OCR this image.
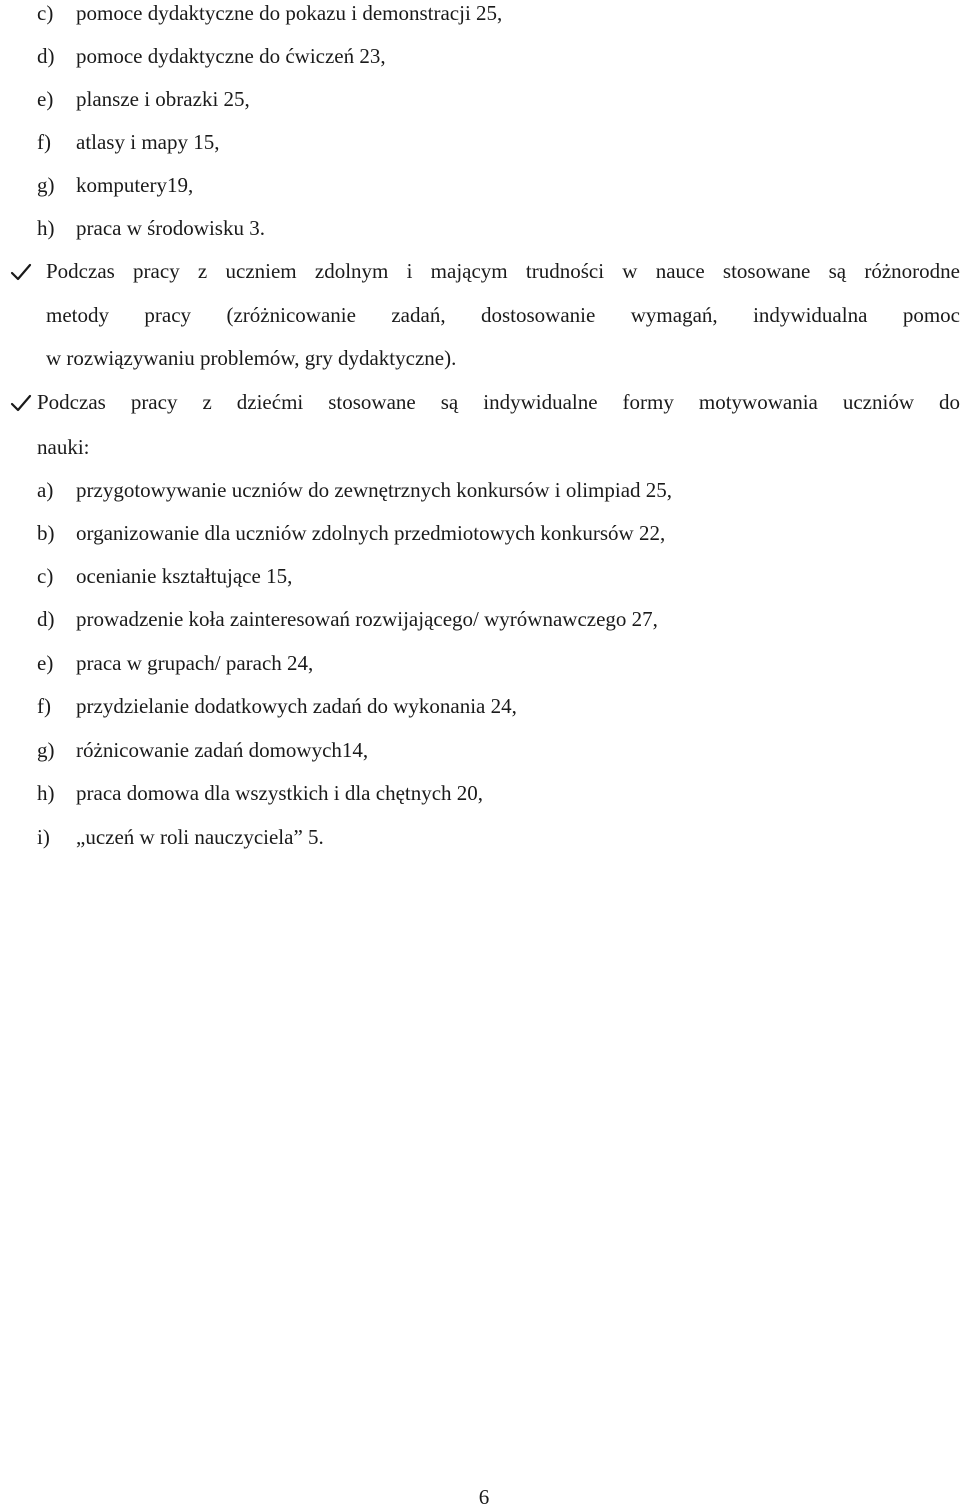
c) pomoce dydaktyczne do pokazu i demonstracji 25,
d) pomoce dydaktyczne do ćwiczeń 23,
e) plansze i obrazki 25,
f) atlasy i mapy 15,
g) komputery19,
h) praca w środowisku 3.
Podczas pracy z uczniem zdolnym i mającym trudności w nauce stosowane są różnorodne
metody pracy (zróżnicowanie zadań, dostosowanie wymagań, indywidualna pomoc
w rozwiązywaniu problemów, gry dydaktyczne).
Podczas pracy z dziećmi stosowane są indywidualne formy motywowania uczniów do
nauki:
a) przygotowywanie uczniów do zewnętrznych konkursów i olimpiad 25,
b) organizowanie dla uczniów zdolnych przedmiotowych konkursów 22,
c) ocenianie kształtujące 15,
d) prowadzenie koła zainteresowań rozwijającego/ wyrównawczego 27,
e) praca w grupach/ parach 24,
f) przydzielanie dodatkowych zadań do wykonania 24,
g) różnicowanie zadań domowych14,
h) praca domowa dla wszystkich i dla chętnych 20,
i) „uczeń w roli nauczyciela” 5.
6
